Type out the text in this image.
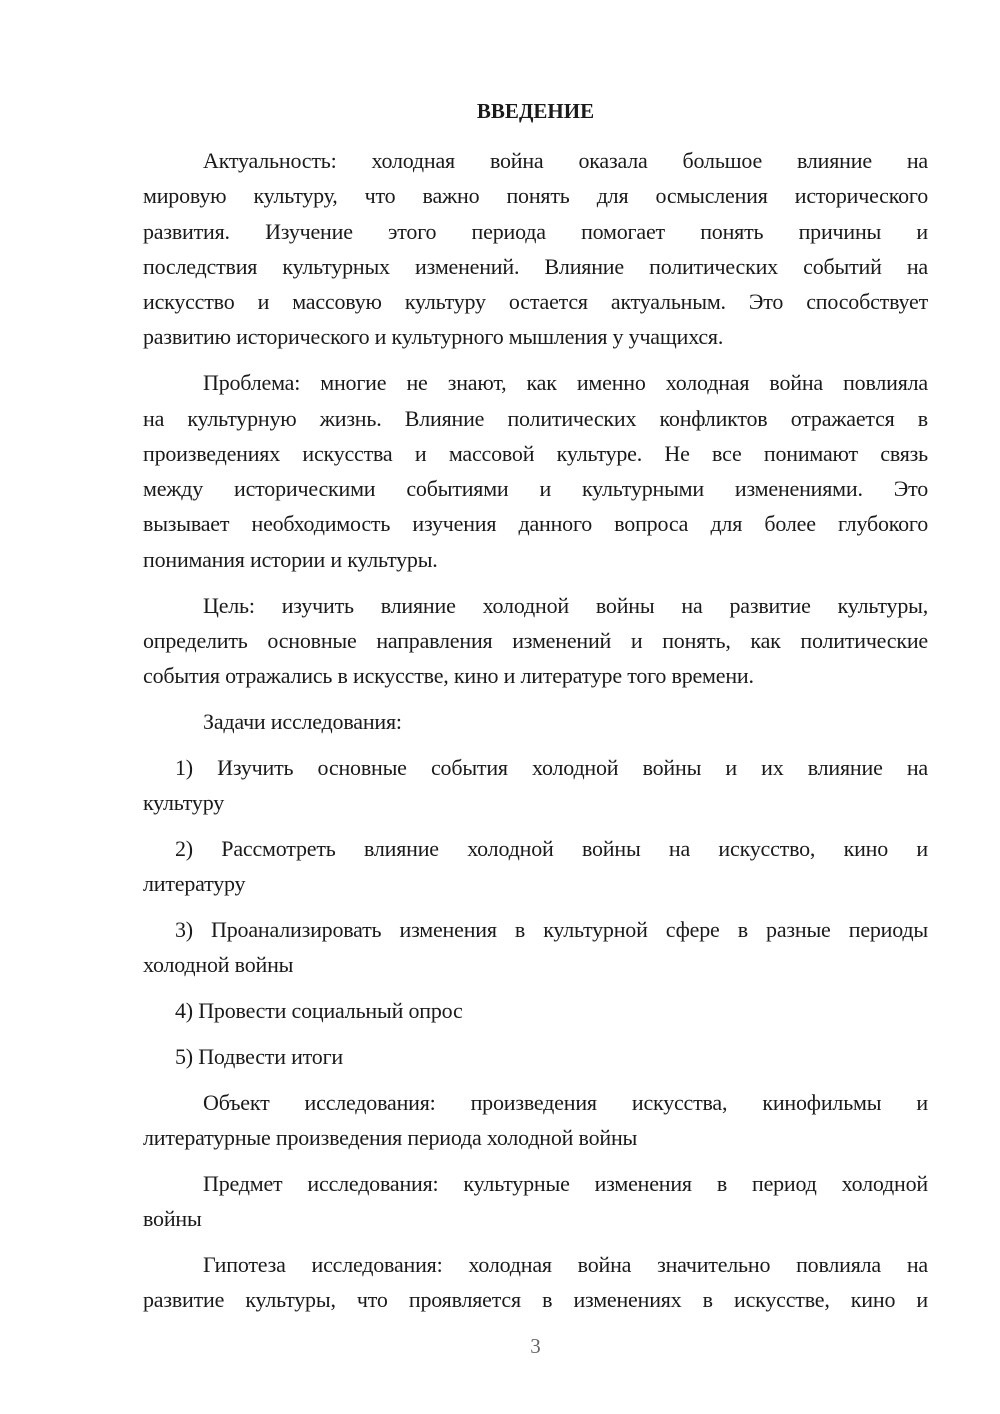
ВВЕДЕНИЕ
Актуальность: холодная война оказала большое влияние на
мировую культуру, что важно понять для осмысления исторического
развития. Изучение этого периода помогает понять причины и
последствия культурных изменений. Влияние политических событий на
искусство и массовую культуру остается актуальным. Это способствует
развитию исторического и культурного мышления у учащихся.
Проблема: многие не знают, как именно холодная война повлияла
на культурную жизнь. Влияние политических конфликтов отражается в
произведениях искусства и массовой культуре. Не все понимают связь
между историческими событиями и культурными изменениями. Это
вызывает необходимость изучения данного вопроса для более глубокого
понимания истории и культуры.
Цель: изучить влияние холодной войны на развитие культуры,
определить основные направления изменений и понять, как политические
события отражались в искусстве, кино и литературе того времени.
Задачи исследования:
1) Изучить основные события холодной войны и их влияние на
культуру
2) Рассмотреть влияние холодной войны на искусство, кино и
литературу
3) Проанализировать изменения в культурной сфере в разные периоды
холодной войны
4) Провести социальный опрос
5) Подвести итоги
Объект исследования: произведения искусства, кинофильмы и
литературные произведения периода холодной войны
Предмет исследования: культурные изменения в период холодной
войны
Гипотеза исследования: холодная война значительно повлияла на
развитие культуры, что проявляется в изменениях в искусстве, кино и
3
